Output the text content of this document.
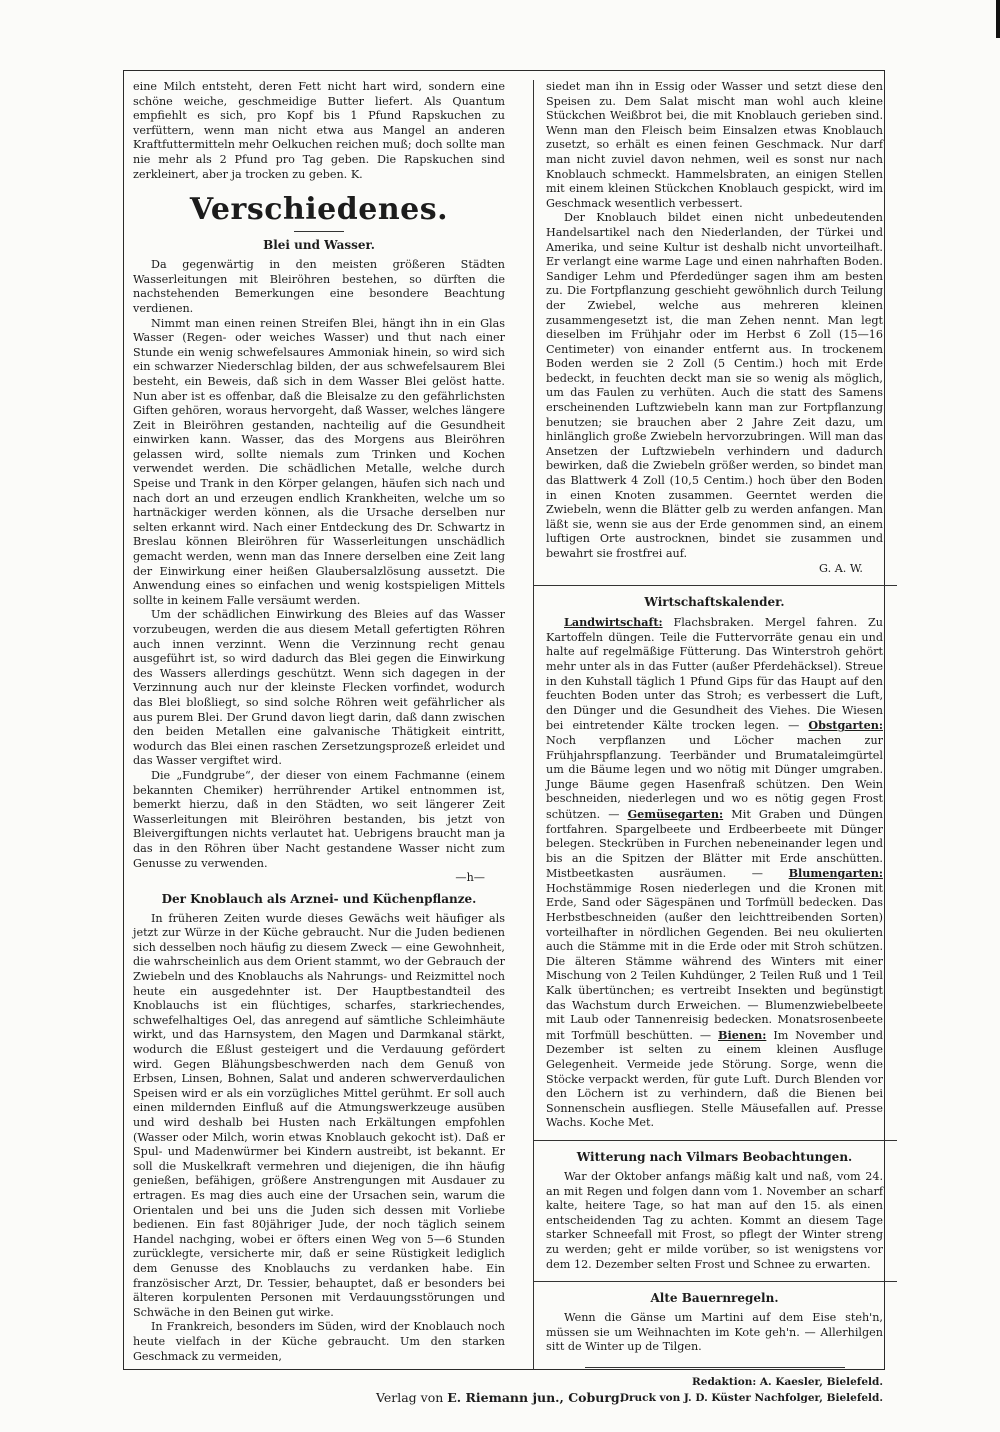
eine Milch entsteht, deren Fett nicht hart wird, sondern eine schöne weiche, geschmeidige Butter liefert. Als Quantum empfiehlt es sich, pro Kopf bis 1 Pfund Rapskuchen zu verfüttern, wenn man nicht etwa aus Mangel an anderen Kraftfuttermitteln mehr Oelkuchen reichen muß; doch sollte man nie mehr als 2 Pfund pro Tag geben. Die Rapskuchen sind zerkleinert, aber ja trocken zu geben. K.

Verschiedenes.
Blei und Wasser.

Da gegenwärtig in den meisten größeren Städten Wasserleitungen mit Bleiröhren bestehen, so dürften die nachstehenden Bemerkungen eine besondere Beachtung verdienen.

Nimmt man einen reinen Streifen Blei, hängt ihn in ein Glas Wasser (Regen- oder weiches Wasser) und thut nach einer Stunde ein wenig schwefelsaures Ammoniak hinein, so wird sich ein schwarzer Niederschlag bilden, der aus schwefelsaurem Blei besteht, ein Beweis, daß sich in dem Wasser Blei gelöst hatte. Nun aber ist es offenbar, daß die Bleisalze zu den gefährlichsten Giften gehören, woraus hervorgeht, daß Wasser, welches längere Zeit in Bleiröhren gestanden, nachteilig auf die Gesundheit einwirken kann. Wasser, das des Morgens aus Bleiröhren gelassen wird, sollte niemals zum Trinken und Kochen verwendet werden. Die schädlichen Metalle, welche durch Speise und Trank in den Körper gelangen, häufen sich nach und nach dort an und erzeugen endlich Krankheiten, welche um so hartnäckiger werden können, als die Ursache derselben nur selten erkannt wird. Nach einer Entdeckung des Dr. Schwartz in Breslau können Bleiröhren für Wasserleitungen unschädlich gemacht werden, wenn man das Innere derselben eine Zeit lang der Einwirkung einer heißen Glaubersalzlösung aussetzt. Die Anwendung eines so einfachen und wenig kostspieligen Mittels sollte in keinem Falle versäumt werden.

Um der schädlichen Einwirkung des Bleies auf das Wasser vorzubeugen, werden die aus diesem Metall gefertigten Röhren auch innen verzinnt. Wenn die Verzinnung recht genau ausgeführt ist, so wird dadurch das Blei gegen die Einwirkung des Wassers allerdings geschützt. Wenn sich dagegen in der Verzinnung auch nur der kleinste Flecken vorfindet, wodurch das Blei bloßliegt, so sind solche Röhren weit gefährlicher als aus purem Blei. Der Grund davon liegt darin, daß dann zwischen den beiden Metallen eine galvanische Thätigkeit eintritt, wodurch das Blei einen raschen Zersetzungsprozeß erleidet und das Wasser vergiftet wird.

Die „Fundgrube“, der dieser von einem Fachmanne (einem bekannten Chemiker) herrührender Artikel entnommen ist, bemerkt hierzu, daß in den Städten, wo seit längerer Zeit Wasserleitungen mit Bleiröhren bestanden, bis jetzt von Bleivergiftungen nichts verlautet hat. Uebrigens braucht man ja das in den Röhren über Nacht gestandene Wasser nicht zum Genusse zu verwenden.

—h—

Der Knoblauch als Arznei- und Küchenpflanze.

In früheren Zeiten wurde dieses Gewächs weit häufiger als jetzt zur Würze in der Küche gebraucht. Nur die Juden bedienen sich desselben noch häufig zu diesem Zweck — eine Gewohnheit, die wahrscheinlich aus dem Orient stammt, wo der Gebrauch der Zwiebeln und des Knoblauchs als Nahrungs- und Reizmittel noch heute ein ausgedehnter ist. Der Hauptbestandteil des Knoblauchs ist ein flüchtiges, scharfes, starkriechendes, schwefelhaltiges Oel, das anregend auf sämtliche Schleimhäute wirkt, und das Harnsystem, den Magen und Darmkanal stärkt, wodurch die Eßlust gesteigert und die Verdauung gefördert wird. Gegen Blähungsbeschwerden nach dem Genuß von Erbsen, Linsen, Bohnen, Salat und anderen schwerverdaulichen Speisen wird er als ein vorzügliches Mittel gerühmt. Er soll auch einen mildernden Einfluß auf die Atmungswerkzeuge ausüben und wird deshalb bei Husten nach Erkältungen empfohlen (Wasser oder Milch, worin etwas Knoblauch gekocht ist). Daß er Spul- und Madenwürmer bei Kindern austreibt, ist bekannt. Er soll die Muskelkraft vermehren und diejenigen, die ihn häufig genießen, befähigen, größere Anstrengungen mit Ausdauer zu ertragen. Es mag dies auch eine der Ursachen sein, warum die Orientalen und bei uns die Juden sich dessen mit Vorliebe bedienen. Ein fast 80jähriger Jude, der noch täglich seinem Handel nachging, wobei er öfters einen Weg von 5—6 Stunden zurücklegte, versicherte mir, daß er seine Rüstigkeit lediglich dem Genusse des Knoblauchs zu verdanken habe. Ein französischer Arzt, Dr. Tessier, behauptet, daß er besonders bei älteren korpulenten Personen mit Verdauungsstörungen und Schwäche in den Beinen gut wirke.

In Frankreich, besonders im Süden, wird der Knoblauch noch heute vielfach in der Küche gebraucht. Um den starken Geschmack zu vermeiden,

siedet man ihn in Essig oder Wasser und setzt diese den Speisen zu. Dem Salat mischt man wohl auch kleine Stückchen Weißbrot bei, die mit Knoblauch gerieben sind. Wenn man den Fleisch beim Einsalzen etwas Knoblauch zusetzt, so erhält es einen feinen Geschmack. Nur darf man nicht zuviel davon nehmen, weil es sonst nur nach Knoblauch schmeckt. Hammelsbraten, an einigen Stellen mit einem kleinen Stückchen Knoblauch gespickt, wird im Geschmack wesentlich verbessert.

Der Knoblauch bildet einen nicht unbedeutenden Handelsartikel nach den Niederlanden, der Türkei und Amerika, und seine Kultur ist deshalb nicht unvorteilhaft. Er verlangt eine warme Lage und einen nahrhaften Boden. Sandiger Lehm und Pferdedünger sagen ihm am besten zu. Die Fortpflanzung geschieht gewöhnlich durch Teilung der Zwiebel, welche aus mehreren kleinen zusammengesetzt ist, die man Zehen nennt. Man legt dieselben im Frühjahr oder im Herbst 6 Zoll (15—16 Centimeter) von einander entfernt aus. In trockenem Boden werden sie 2 Zoll (5 Centim.) hoch mit Erde bedeckt, in feuchten deckt man sie so wenig als möglich, um das Faulen zu verhüten. Auch die statt des Samens erscheinenden Luftzwiebeln kann man zur Fortpflanzung benutzen; sie brauchen aber 2 Jahre Zeit dazu, um hinlänglich große Zwiebeln hervorzubringen. Will man das Ansetzen der Luftzwiebeln verhindern und dadurch bewirken, daß die Zwiebeln größer werden, so bindet man das Blattwerk 4 Zoll (10,5 Centim.) hoch über den Boden in einen Knoten zusammen. Geerntet werden die Zwiebeln, wenn die Blätter gelb zu werden anfangen. Man läßt sie, wenn sie aus der Erde genommen sind, an einem luftigen Orte austrocknen, bindet sie zusammen und bewahrt sie frostfrei auf.

G. A. W.

Wirtschaftskalender.

Landwirtschaft: Flachsbraken. Mergel fahren. Zu Kartoffeln düngen. Teile die Futtervorräte genau ein und halte auf regelmäßige Fütterung. Das Winterstroh gehört mehr unter als in das Futter (außer Pferdehäcksel). Streue in den Kuhstall täglich 1 Pfund Gips für das Haupt auf den feuchten Boden unter das Stroh; es verbessert die Luft, den Dünger und die Gesundheit des Viehes. Die Wiesen bei eintretender Kälte trocken legen. — Obstgarten: Noch verpflanzen und Löcher machen zur Frühjahrspflanzung. Teerbänder und Brumataleimgürtel um die Bäume legen und wo nötig mit Dünger umgraben. Junge Bäume gegen Hasenfraß schützen. Den Wein beschneiden, niederlegen und wo es nötig gegen Frost schützen. — Gemüsegarten: Mit Graben und Düngen fortfahren. Spargelbeete und Erdbeerbeete mit Dünger belegen. Steckrüben in Furchen nebeneinander legen und bis an die Spitzen der Blätter mit Erde anschütten. Mistbeetkasten ausräumen. — Blumengarten: Hochstämmige Rosen niederlegen und die Kronen mit Erde, Sand oder Sägespänen und Torfmüll bedecken. Das Herbstbeschneiden (außer den leichttreibenden Sorten) vorteilhafter in nördlichen Gegenden. Bei neu okulierten auch die Stämme mit in die Erde oder mit Stroh schützen. Die älteren Stämme während des Winters mit einer Mischung von 2 Teilen Kuhdünger, 2 Teilen Ruß und 1 Teil Kalk übertünchen; es vertreibt Insekten und begünstigt das Wachstum durch Erweichen. — Blumenzwiebelbeete mit Laub oder Tannenreisig bedecken. Monatsrosenbeete mit Torfmüll beschütten. — Bienen: Im November und Dezember ist selten zu einem kleinen Ausfluge Gelegenheit. Vermeide jede Störung. Sorge, wenn die Stöcke verpackt werden, für gute Luft. Durch Blenden vor den Löchern ist zu verhindern, daß die Bienen bei Sonnenschein ausfliegen. Stelle Mäusefallen auf. Presse Wachs. Koche Met.

Witterung nach Vilmars Beobachtungen.

War der Oktober anfangs mäßig kalt und naß, vom 24. an mit Regen und folgen dann vom 1. November an scharf kalte, heitere Tage, so hat man auf den 15. als einen entscheidenden Tag zu achten. Kommt an diesem Tage starker Schneefall mit Frost, so pflegt der Winter streng zu werden; geht er milde vorüber, so ist wenigstens vor dem 12. Dezember selten Frost und Schnee zu erwarten.

Alte Bauernregeln.

Wenn die Gänse um Martini auf dem Eise steh'n, müssen sie um Weihnachten im Kote geh'n. — Allerhilgen sitt de Winter up de Tilgen.

Redaktion: A. Kaesler, Bielefeld.

Druck von J. D. Küster Nachfolger, Bielefeld.

Verlag von E. Riemann jun., Coburg.
